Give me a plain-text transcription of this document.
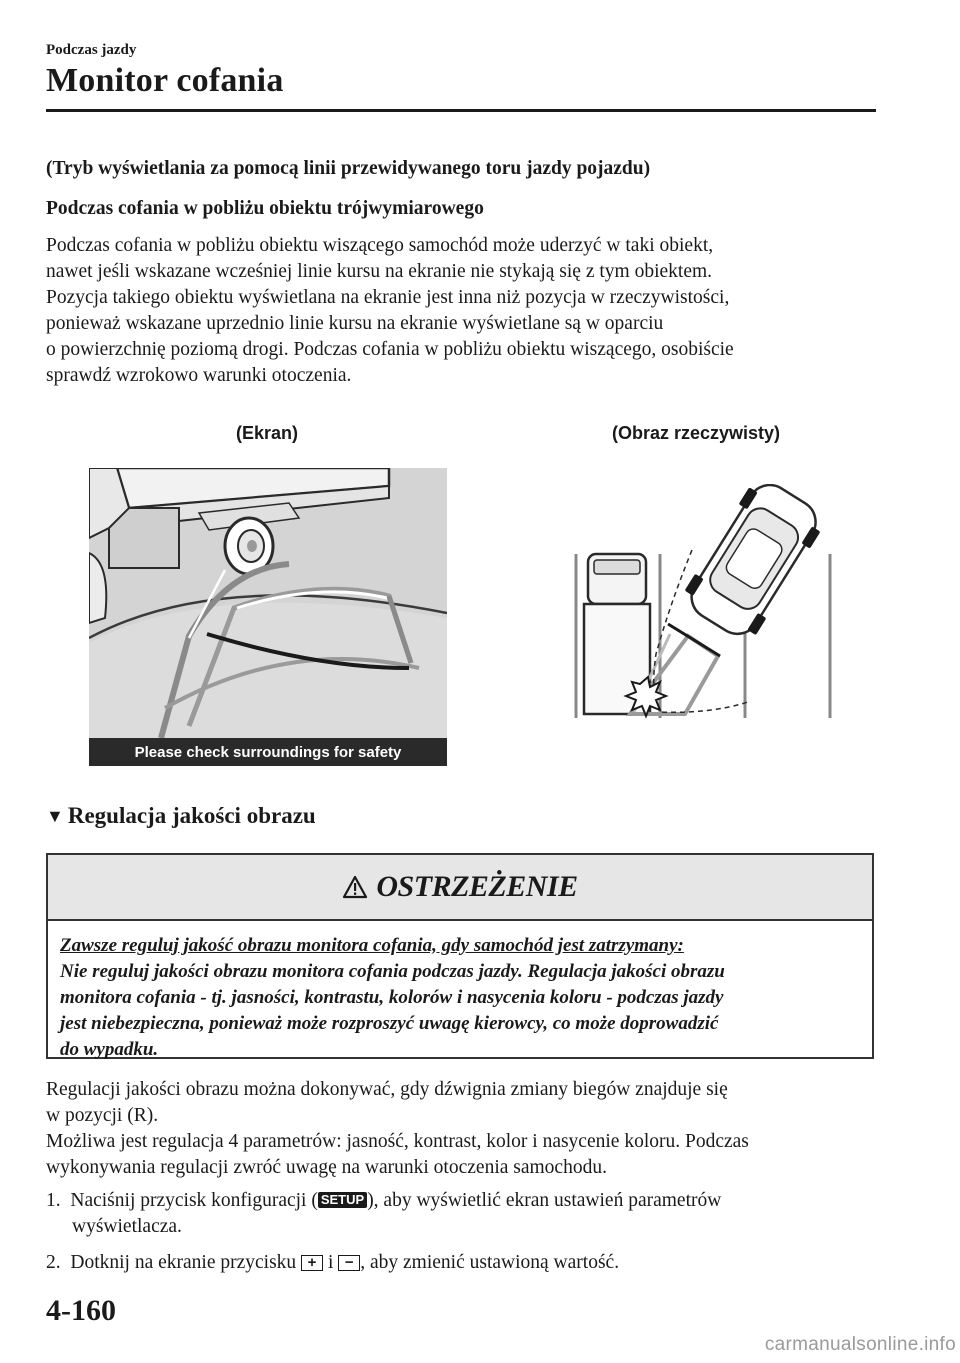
Podczas jazdy
Monitor cofania
(Tryb wyświetlania za pomocą linii przewidywanego toru jazdy pojazdu)
Podczas cofania w pobliżu obiektu trójwymiarowego
Podczas cofania w pobliżu obiektu wiszącego samochód może uderzyć w taki obiekt,
nawet jeśli wskazane wcześniej linie kursu na ekranie nie stykają się z tym obiektem.
Pozycja takiego obiektu wyświetlana na ekranie jest inna niż pozycja w rzeczywistości,
ponieważ wskazane uprzednio linie kursu na ekranie wyświetlane są w oparciu
o powierzchnię poziomą drogi. Podczas cofania w pobliżu obiektu wiszącego, osobiście
sprawdź wzrokowo warunki otoczenia.
(Ekran)	(Obraz rzeczywisty)
Please check surroundings for safety
▼ Regulacja jakości obrazu
OSTRZEŻENIE
Zawsze reguluj jakość obrazu monitora cofania, gdy samochód jest zatrzymany:
Nie reguluj jakości obrazu monitora cofania podczas jazdy. Regulacja jakości obrazu
monitora cofania - tj. jasności, kontrastu, kolorów i nasycenia koloru - podczas jazdy
jest niebezpieczna, ponieważ może rozproszyć uwagę kierowcy, co może doprowadzić
do wypadku.
Regulacji jakości obrazu można dokonywać, gdy dźwignia zmiany biegów znajduje się
w pozycji (R).
Możliwa jest regulacja 4 parametrów: jasność, kontrast, kolor i nasycenie koloru. Podczas
wykonywania regulacji zwróć uwagę na warunki otoczenia samochodu.
1. Naciśnij przycisk konfiguracji ( SETUP ), aby wyświetlić ekran ustawień parametrów
wyświetlacza.
2. Dotknij na ekranie przycisku + i − , aby zmienić ustawioną wartość.
4-160
carmanualsonline.info
